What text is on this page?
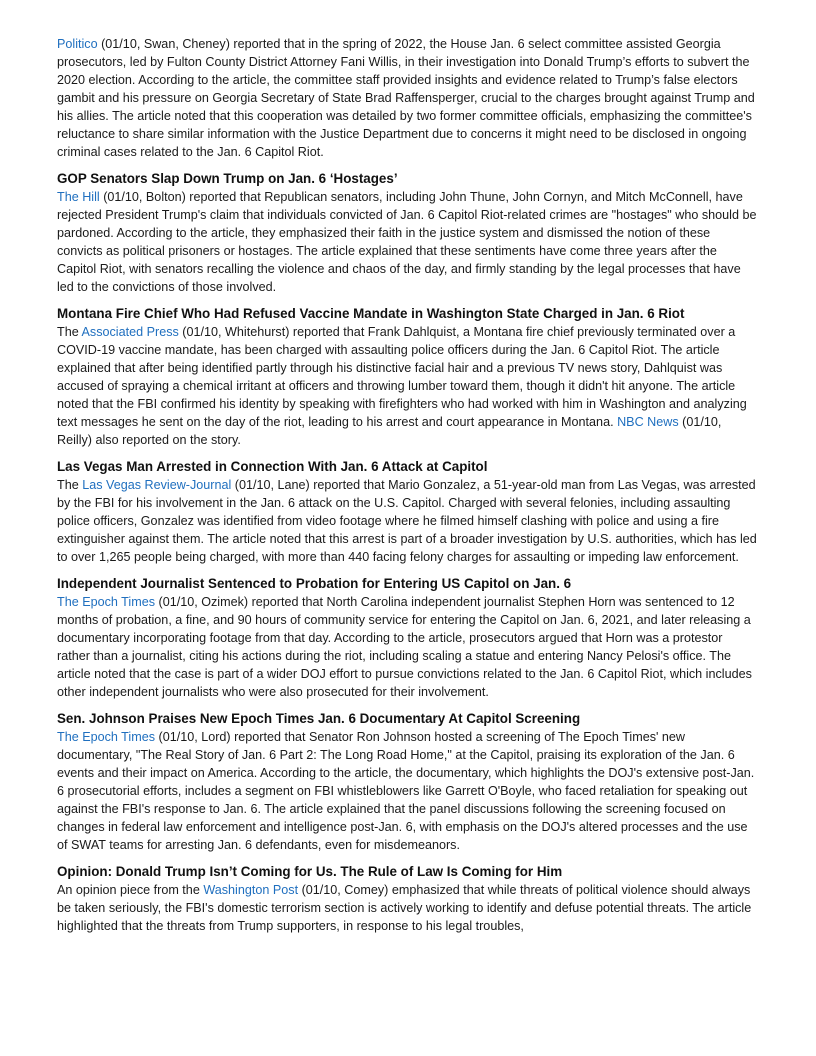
Politico (01/10, Swan, Cheney) reported that in the spring of 2022, the House Jan. 6 select committee assisted Georgia prosecutors, led by Fulton County District Attorney Fani Willis, in their investigation into Donald Trump’s efforts to subvert the 2020 election. According to the article, the committee staff provided insights and evidence related to Trump’s false electors gambit and his pressure on Georgia Secretary of State Brad Raffensperger, crucial to the charges brought against Trump and his allies. The article noted that this cooperation was detailed by two former committee officials, emphasizing the committee's reluctance to share similar information with the Justice Department due to concerns it might need to be disclosed in ongoing criminal cases related to the Jan. 6 Capitol Riot.

GOP Senators Slap Down Trump on Jan. 6 ‘Hostages’

The Hill (01/10, Bolton) reported that Republican senators, including John Thune, John Cornyn, and Mitch McConnell, have rejected President Trump's claim that individuals convicted of Jan. 6 Capitol Riot-related crimes are "hostages" who should be pardoned. According to the article, they emphasized their faith in the justice system and dismissed the notion of these convicts as political prisoners or hostages. The article explained that these sentiments have come three years after the Capitol Riot, with senators recalling the violence and chaos of the day, and firmly standing by the legal processes that have led to the convictions of those involved.

Montana Fire Chief Who Had Refused Vaccine Mandate in Washington State Charged in Jan. 6 Riot

The Associated Press (01/10, Whitehurst) reported that Frank Dahlquist, a Montana fire chief previously terminated over a COVID-19 vaccine mandate, has been charged with assaulting police officers during the Jan. 6 Capitol Riot. The article explained that after being identified partly through his distinctive facial hair and a previous TV news story, Dahlquist was accused of spraying a chemical irritant at officers and throwing lumber toward them, though it didn't hit anyone. The article noted that the FBI confirmed his identity by speaking with firefighters who had worked with him in Washington and analyzing text messages he sent on the day of the riot, leading to his arrest and court appearance in Montana. NBC News (01/10, Reilly) also reported on the story.

Las Vegas Man Arrested in Connection With Jan. 6 Attack at Capitol

The Las Vegas Review-Journal (01/10, Lane) reported that Mario Gonzalez, a 51-year-old man from Las Vegas, was arrested by the FBI for his involvement in the Jan. 6 attack on the U.S. Capitol. Charged with several felonies, including assaulting police officers, Gonzalez was identified from video footage where he filmed himself clashing with police and using a fire extinguisher against them. The article noted that this arrest is part of a broader investigation by U.S. authorities, which has led to over 1,265 people being charged, with more than 440 facing felony charges for assaulting or impeding law enforcement.

Independent Journalist Sentenced to Probation for Entering US Capitol on Jan. 6

The Epoch Times (01/10, Ozimek) reported that North Carolina independent journalist Stephen Horn was sentenced to 12 months of probation, a fine, and 90 hours of community service for entering the Capitol on Jan. 6, 2021, and later releasing a documentary incorporating footage from that day. According to the article, prosecutors argued that Horn was a protestor rather than a journalist, citing his actions during the riot, including scaling a statue and entering Nancy Pelosi's office. The article noted that the case is part of a wider DOJ effort to pursue convictions related to the Jan. 6 Capitol Riot, which includes other independent journalists who were also prosecuted for their involvement.

Sen. Johnson Praises New Epoch Times Jan. 6 Documentary At Capitol Screening

The Epoch Times (01/10, Lord) reported that Senator Ron Johnson hosted a screening of The Epoch Times' new documentary, "The Real Story of Jan. 6 Part 2: The Long Road Home," at the Capitol, praising its exploration of the Jan. 6 events and their impact on America. According to the article, the documentary, which highlights the DOJ's extensive post-Jan. 6 prosecutorial efforts, includes a segment on FBI whistleblowers like Garrett O'Boyle, who faced retaliation for speaking out against the FBI's response to Jan. 6. The article explained that the panel discussions following the screening focused on changes in federal law enforcement and intelligence post-Jan. 6, with emphasis on the DOJ's altered processes and the use of SWAT teams for arresting Jan. 6 defendants, even for misdemeanors.

Opinion: Donald Trump Isn’t Coming for Us. The Rule of Law Is Coming for Him

An opinion piece from the Washington Post (01/10, Comey) emphasized that while threats of political violence should always be taken seriously, the FBI's domestic terrorism section is actively working to identify and defuse potential threats. The article highlighted that the threats from Trump supporters, in response to his legal troubles,
